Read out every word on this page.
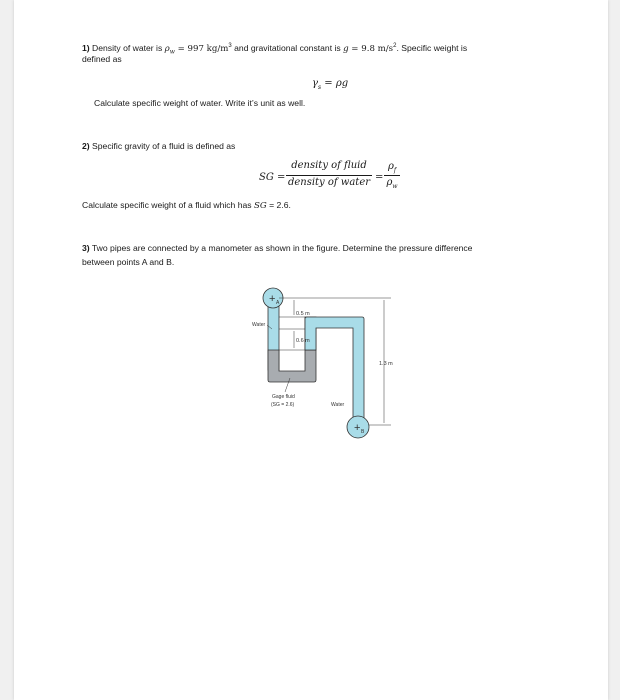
1) Density of water is $\rho_w = 997$ $kg/m^3$ and gravitational constant is g = 9.8 $m/s^2$. Specific weight is
defined as
$\gamma_s = \rho g$
Calculate specific weight of water. Write it’s unit as well.
2) Specific gravity of a fluid is defined as
SG =
density of fluid
density of water =
$\rho_f$
$\rho_w$
Calculate specific weight of a fluid which has SG = 2.6.
3) Two pipes are connected by a manometer as shown in the figure. Determine the pressure difference
between points A and B.
+ A
+ B
0.5 m
0.6 m
1.3 m
Water
Gage fluid
(SG = 2.6)	Water
